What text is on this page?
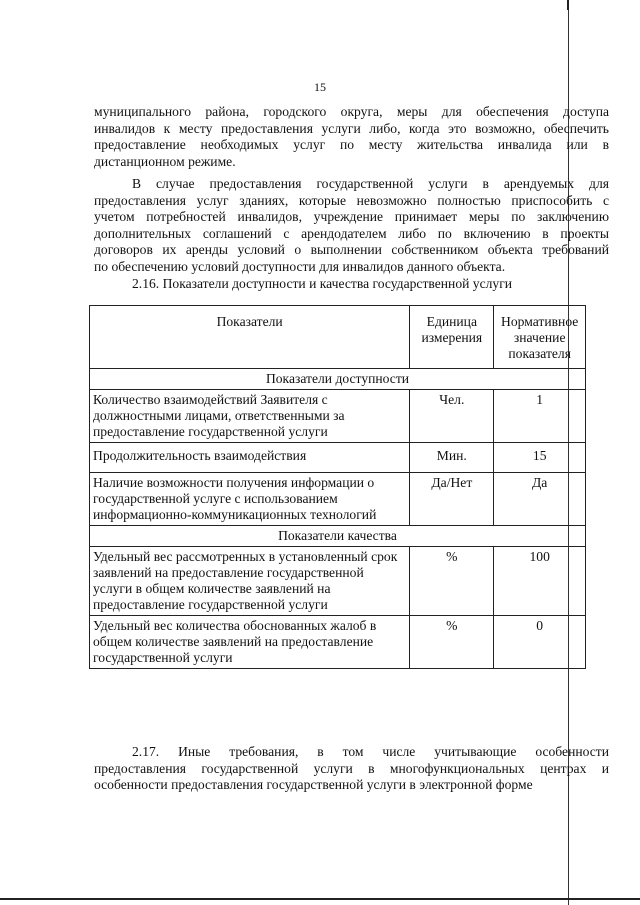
15
муниципального района, городского округа, меры для обеспечения доступа
инвалидов к месту предоставления услуги либо, когда это возможно, обеспечить
предоставление необходимых услуг по месту жительства инвалида или в
дистанционном режиме.
В случае предоставления государственной услуги в арендуемых для
предоставления услуг зданиях, которые невозможно полностью приспособить с
учетом потребностей инвалидов, учреждение принимает меры по заключению
дополнительных соглашений с арендодателем либо по включению в проекты
договоров их аренды условий о выполнении собственником объекта требований
по обеспечению условий доступности для инвалидов данного объекта.
2.16. Показатели доступности и качества государственной услуги
Показатели	Единица измерения	Нормативное значение показателя
Показатели доступности		
Количество взаимодействий Заявителя с должностными лицами, ответственными за предоставление государственной услуги	Чел.	1
Продолжительность взаимодействия	Мин.	15
Наличие возможности получения информации о государственной услуге с использованием информационно-коммуникационных технологий	Да/Нет	Да
Показатели качества		
Удельный вес рассмотренных в установленный срок заявлений на предоставление государственной услуги в общем количестве заявлений на предоставление государственной услуги	%	100
Удельный вес количества обоснованных жалоб в общем количестве заявлений на предоставление государственной услуги	%	0
2.17. Иные требования, в том числе учитывающие особенности
предоставления государственной услуги в многофункциональных центрах и
особенности предоставления государственной услуги в электронной форме
